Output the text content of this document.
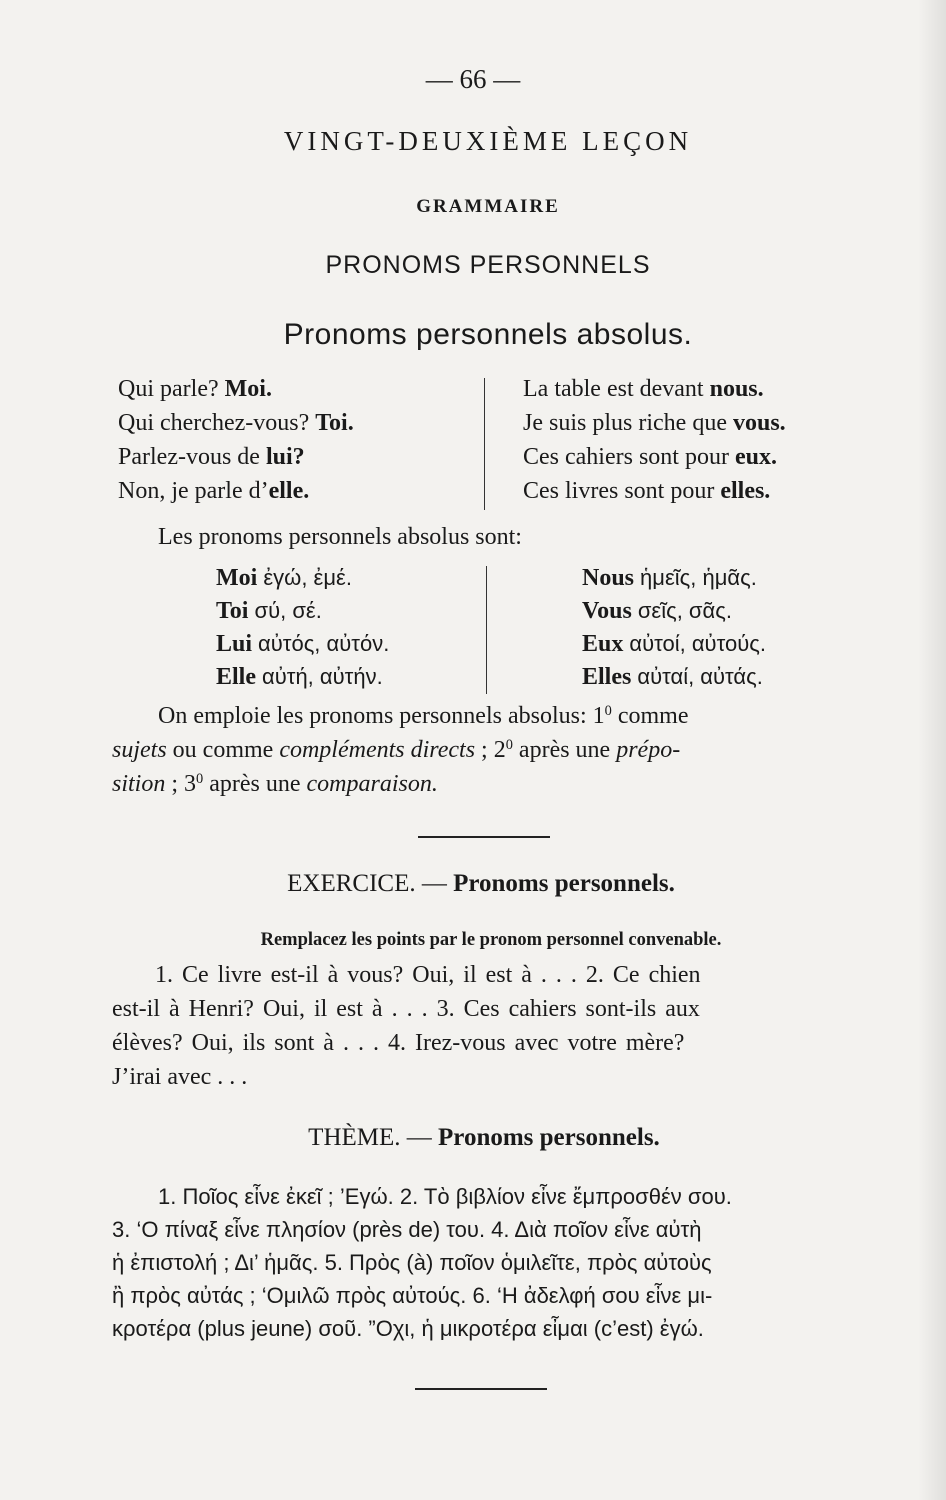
— 66 —
VINGT-DEUXIÈME LEÇON
GRAMMAIRE
PRONOMS PERSONNELS
Pronoms personnels absolus.
Qui parle? Moi.
Qui cherchez-vous? Toi.
Parlez-vous de lui?
Non, je parle d’elle.
La table est devant nous.
Je suis plus riche que vous.
Ces cahiers sont pour eux.
Ces livres sont pour elles.
Les pronoms personnels absolus sont:
Moi ἐγώ, ἐμέ.
Toi σύ, σέ.
Lui αὐτός, αὐτόν.
Elle αὐτή, αὐτήν.
Nous ἡμεῖς, ἡμᾶς.
Vous σεῖς, σᾶς.
Eux αὐτοί, αὐτούς.
Elles αὐταί, αὐτάς.
On emploie les pronoms personnels absolus: $1^0$ comme
sujets ou comme compléments directs ; $2^0$ après une prépo-
sition ; $3^0$ après une comparaison.
EXERCICE. — Pronoms personnels.
Remplacez les points par le pronom personnel convenable.
1. Ce livre est-il à vous? Oui, il est à . . . 2. Ce chien
est-il à Henri? Oui, il est à . . . 3. Ces cahiers sont-ils aux
élèves? Oui, ils sont à . . . 4. Irez-vous avec votre mère?
J’irai avec . . .
THÈME. — Pronoms personnels.
1. Ποῖος εἶνε ἐκεῖ ; ’Εγώ. 2. Τὸ βιβλίον εἶνε ἔμπροσθέν σου.
3. ‘Ο πίναξ εἶνε πλησίον (près de) του. 4. Διὰ ποῖον εἶνε αὐτὴ
ἡ ἐπιστολή ; Δι’ ἡμᾶς. 5. Πρὸς (à) ποῖον ὁμιλεῖτε, πρὸς αὐτοὺς
ἢ πρὸς αὐτάς ; ‘Ομιλῶ πρὸς αὐτούς. 6. ‘Η ἀδελφή σου εἶνε μι-
κροτέρα (plus jeune) σοῦ. ”Οχι, ἡ μικροτέρα εἶμαι (c’est) ἐγώ.
